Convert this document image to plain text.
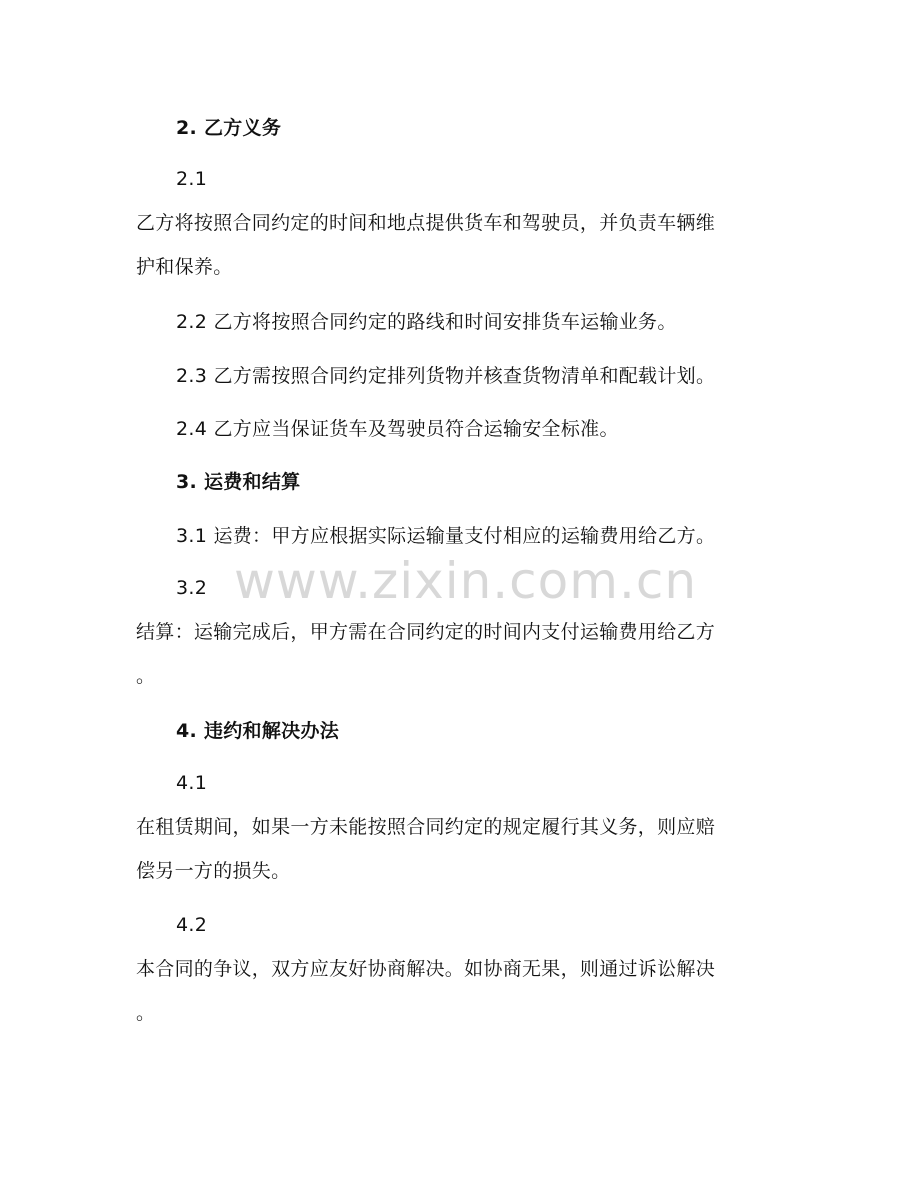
2. 乙方义务
2.1
乙方将按照合同约定的时间和地点提供货车和驾驶员，并负责车辆维
护和保养。
2.2 乙方将按照合同约定的路线和时间安排货车运输业务。
2.3 乙方需按照合同约定排列货物并核查货物清单和配载计划。
2.4 乙方应当保证货车及驾驶员符合运输安全标准。
3. 运费和结算
3.1 运费：甲方应根据实际运输量支付相应的运输费用给乙方。
3.2
结算：运输完成后，甲方需在合同约定的时间内支付运输费用给乙方
。
4. 违约和解决办法
4.1
在租赁期间，如果一方未能按照合同约定的规定履行其义务，则应赔
偿另一方的损失。
4.2
本合同的争议，双方应友好协商解决。如协商无果，则通过诉讼解决
。
www.zixin.com.cn
